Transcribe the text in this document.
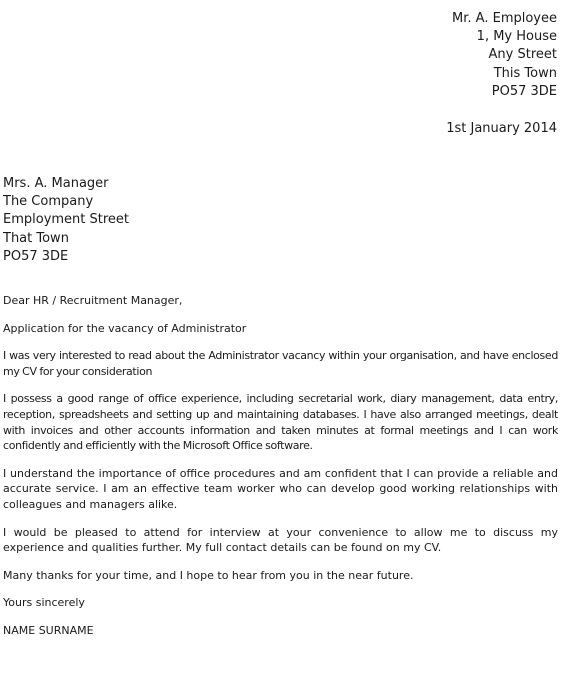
Mr. A. Employee
1, My House
Any Street
This Town
PO57 3DE
1st January 2014
Mrs. A. Manager
The Company
Employment Street
That Town
PO57 3DE

Dear HR / Recruitment Manager,

Application for the vacancy of Administrator

I was very interested to read about the Administrator vacancy within your organisation, and have enclosed my CV for your consideration

I possess a good range of office experience, including secretarial work, diary management, data entry, reception, spreadsheets and setting up and maintaining databases. I have also arranged meetings, dealt with invoices and other accounts information and taken minutes at formal meetings and I can work confidently and efficiently with the Microsoft Office software.

I understand the importance of office procedures and am confident that I can provide a reliable and accurate service. I am an effective team worker who can develop good working relationships with colleagues and managers alike.

I would be pleased to attend for interview at your convenience to allow me to discuss my experience and qualities further. My full contact details can be found on my CV.

Many thanks for your time, and I hope to hear from you in the near future.

Yours sincerely

NAME SURNAME
